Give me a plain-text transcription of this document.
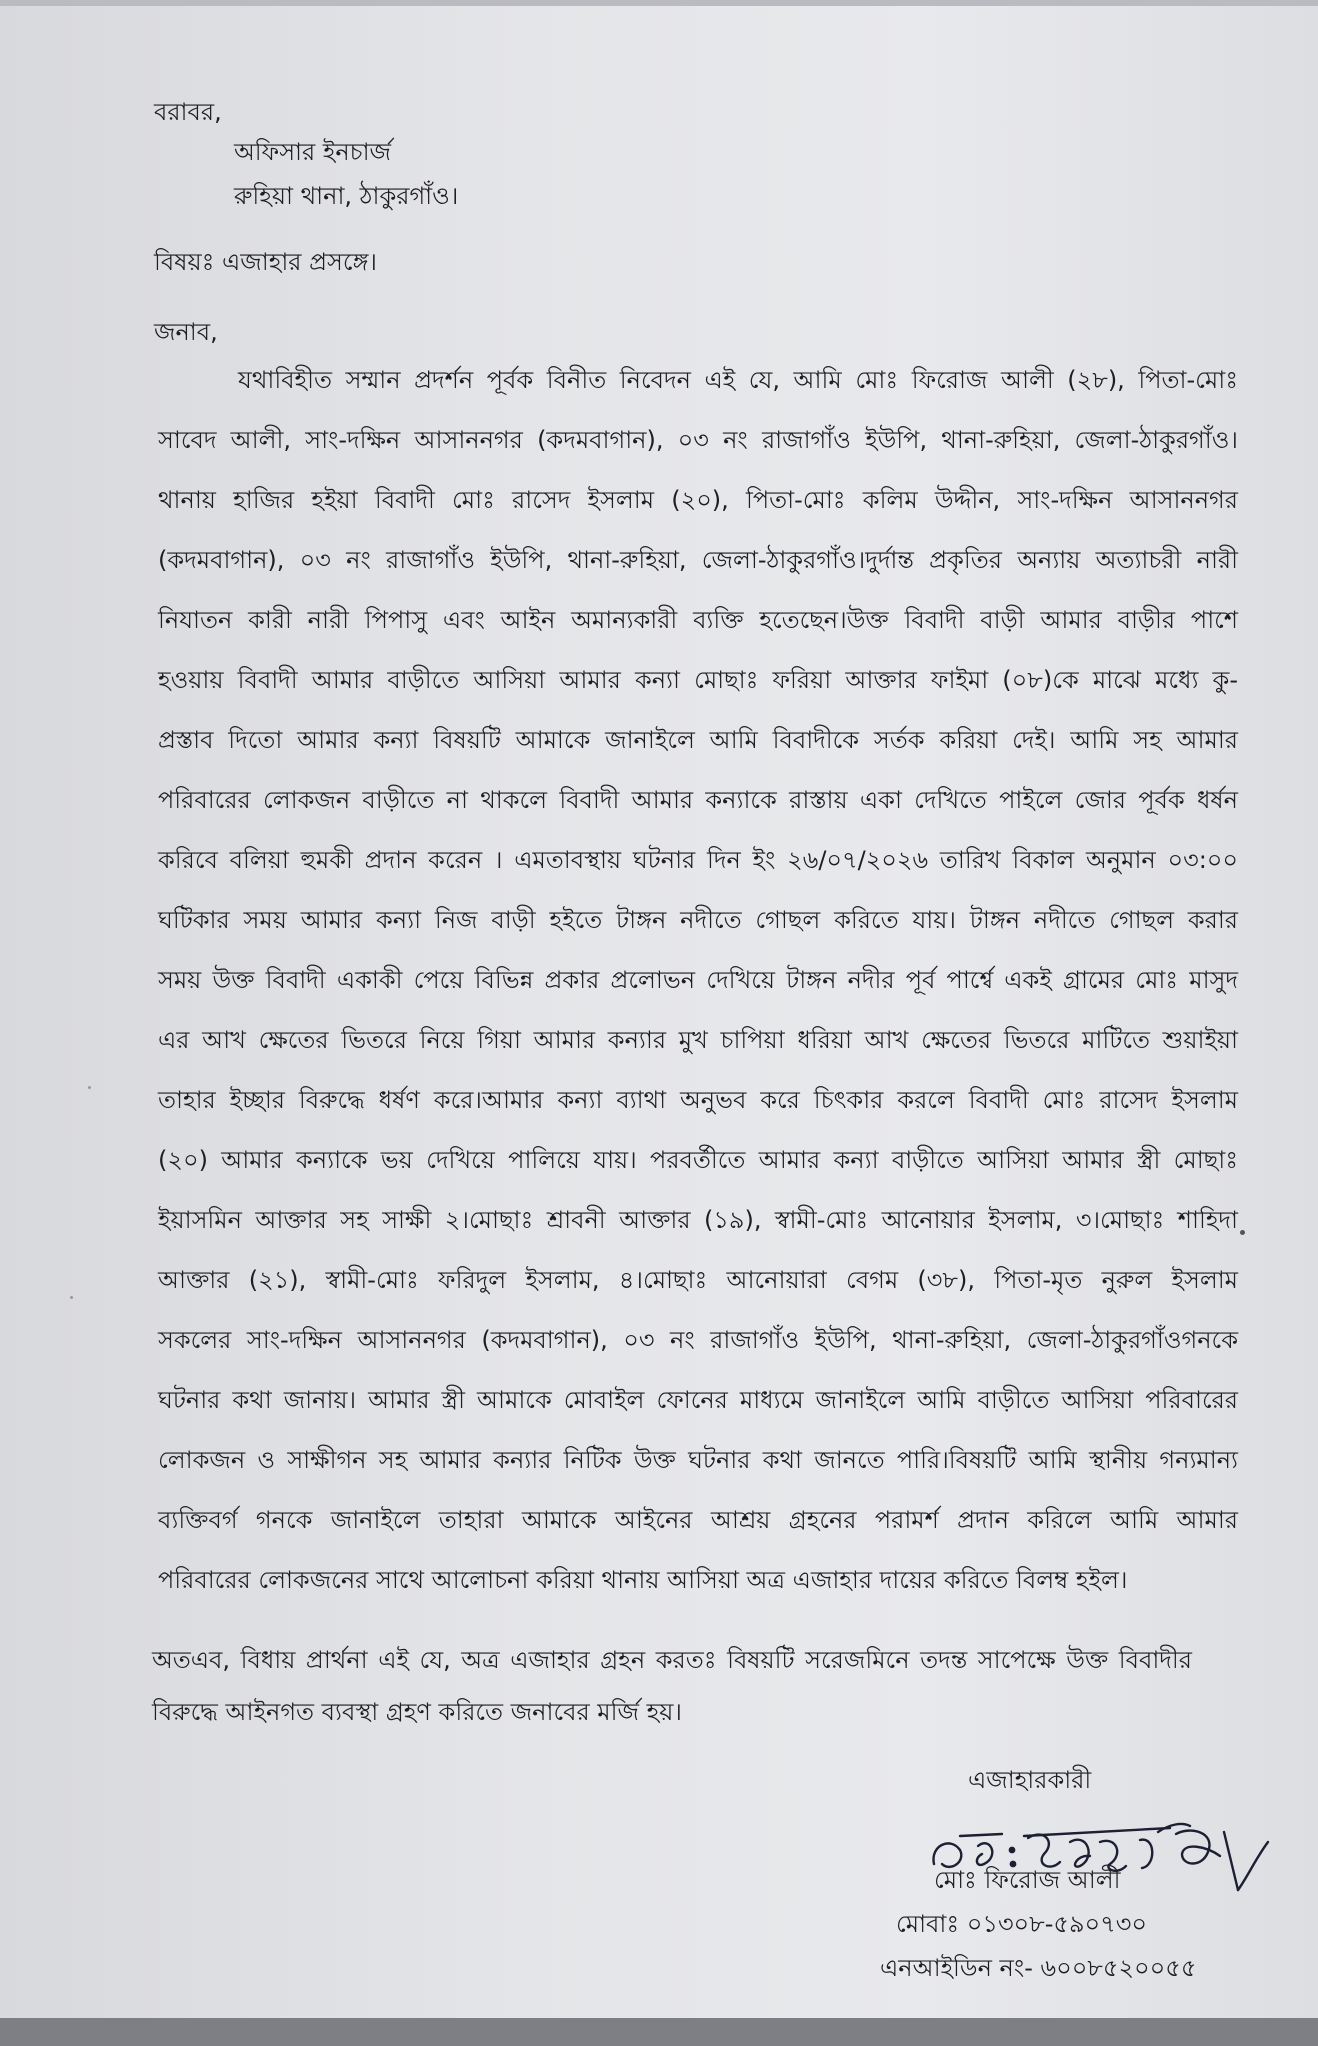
বরাবর,
অফিসার ইনচার্জ
রুহিয়া থানা, ঠাকুরগাঁও।
বিষয়ঃ এজাহার প্রসঙ্গে।
জনাব,
যথাবিহীত সম্মান প্রদর্শন পূর্বক বিনীত নিবেদন এই যে, আমি মোঃ ফিরোজ আলী (২৮), পিতা-মোঃ
সাবেদ আলী, সাং-দক্ষিন আসাননগর (কদমবাগান), ০৩ নং রাজাগাঁও ইউপি, থানা-রুহিয়া, জেলা-ঠাকুরগাঁও।
থানায় হাজির হইয়া বিবাদী মোঃ রাসেদ ইসলাম (২০), পিতা-মোঃ কলিম উদ্দীন, সাং-দক্ষিন আসাননগর
(কদমবাগান), ০৩ নং রাজাগাঁও ইউপি, থানা-রুহিয়া, জেলা-ঠাকুরগাঁও।দুর্দান্ত প্রকৃতির অন্যায় অত্যাচরী নারী
নিযাতন কারী নারী পিপাসু এবং আইন অমান্যকারী ব্যক্তি হতেছেন।উক্ত বিবাদী বাড়ী আমার বাড়ীর পাশে
হওয়ায় বিবাদী আমার বাড়ীতে আসিয়া আমার কন্যা মোছাঃ ফরিয়া আক্তার ফাইমা (০৮)কে মাঝে মধ্যে কু-
প্রস্তাব দিতো আমার কন্যা বিষয়টি আমাকে জানাইলে আমি বিবাদীকে সর্তক করিয়া দেই। আমি সহ আমার
পরিবারের লোকজন বাড়ীতে না থাকলে বিবাদী আমার কন্যাকে রাস্তায় একা দেখিতে পাইলে জোর পূর্বক ধর্ষন
করিবে বলিয়া হুমকী প্রদান করেন । এমতাবস্থায় ঘটনার দিন ইং ২৬/০৭/২০২৬ তারিখ বিকাল অনুমান ০৩:০০
ঘটিকার সময় আমার কন্যা নিজ বাড়ী হইতে টাঙ্গন নদীতে গোছল করিতে যায়। টাঙ্গন নদীতে গোছল করার
সময় উক্ত বিবাদী একাকী পেয়ে বিভিন্ন প্রকার প্রলোভন দেখিয়ে টাঙ্গন নদীর পূর্ব পার্শ্বে একই গ্রামের মোঃ মাসুদ
এর আখ ক্ষেতের ভিতরে নিয়ে গিয়া আমার কন্যার মুখ চাপিয়া ধরিয়া আখ ক্ষেতের ভিতরে মাটিতে শুয়াইয়া
তাহার ইচ্ছার বিরুদ্ধে ধর্ষণ করে।আমার কন্যা ব্যাথা অনুভব করে চিৎকার করলে বিবাদী মোঃ রাসেদ ইসলাম
(২০) আমার কন্যাকে ভয় দেখিয়ে পালিয়ে যায়। পরবর্তীতে আমার কন্যা বাড়ীতে আসিয়া আমার স্ত্রী মোছাঃ
ইয়াসমিন আক্তার সহ সাক্ষী ২।মোছাঃ শ্রাবনী আক্তার (১৯), স্বামী-মোঃ আনোয়ার ইসলাম, ৩।মোছাঃ শাহিদা
আক্তার (২১), স্বামী-মোঃ ফরিদুল ইসলাম, ৪।মোছাঃ আনোয়ারা বেগম (৩৮), পিতা-মৃত নুরুল ইসলাম
সকলের সাং-দক্ষিন আসাননগর (কদমবাগান), ০৩ নং রাজাগাঁও ইউপি, থানা-রুহিয়া, জেলা-ঠাকুরগাঁওগনকে
ঘটনার কথা জানায়। আমার স্ত্রী আমাকে মোবাইল ফোনের মাধ্যমে জানাইলে আমি বাড়ীতে আসিয়া পরিবারের
লোকজন ও সাক্ষীগন সহ আমার কন্যার নিটিক উক্ত ঘটনার কথা জানতে পারি।বিষয়টি আমি স্থানীয় গন্যমান্য
ব্যক্তিবর্গ গনকে জানাইলে তাহারা আমাকে আইনের আশ্রয় গ্রহনের পরামর্শ প্রদান করিলে আমি আমার
পরিবারের লোকজনের সাথে আলোচনা করিয়া থানায় আসিয়া অত্র এজাহার দায়ের করিতে বিলম্ব হইল।
অতএব, বিধায় প্রার্থনা এই যে, অত্র এজাহার গ্রহন করতঃ বিষয়টি সরেজমিনে তদন্ত সাপেক্ষে উক্ত বিবাদীর
বিরুদ্ধে আইনগত ব্যবস্থা গ্রহণ করিতে জনাবের মর্জি হয়।
এজাহারকারী
মোঃ ফিরোজ আলী
মোবাঃ ০১৩০৮-৫৯০৭৩০
এনআইডিন নং- ৬০০৮৫২০০৫৫
